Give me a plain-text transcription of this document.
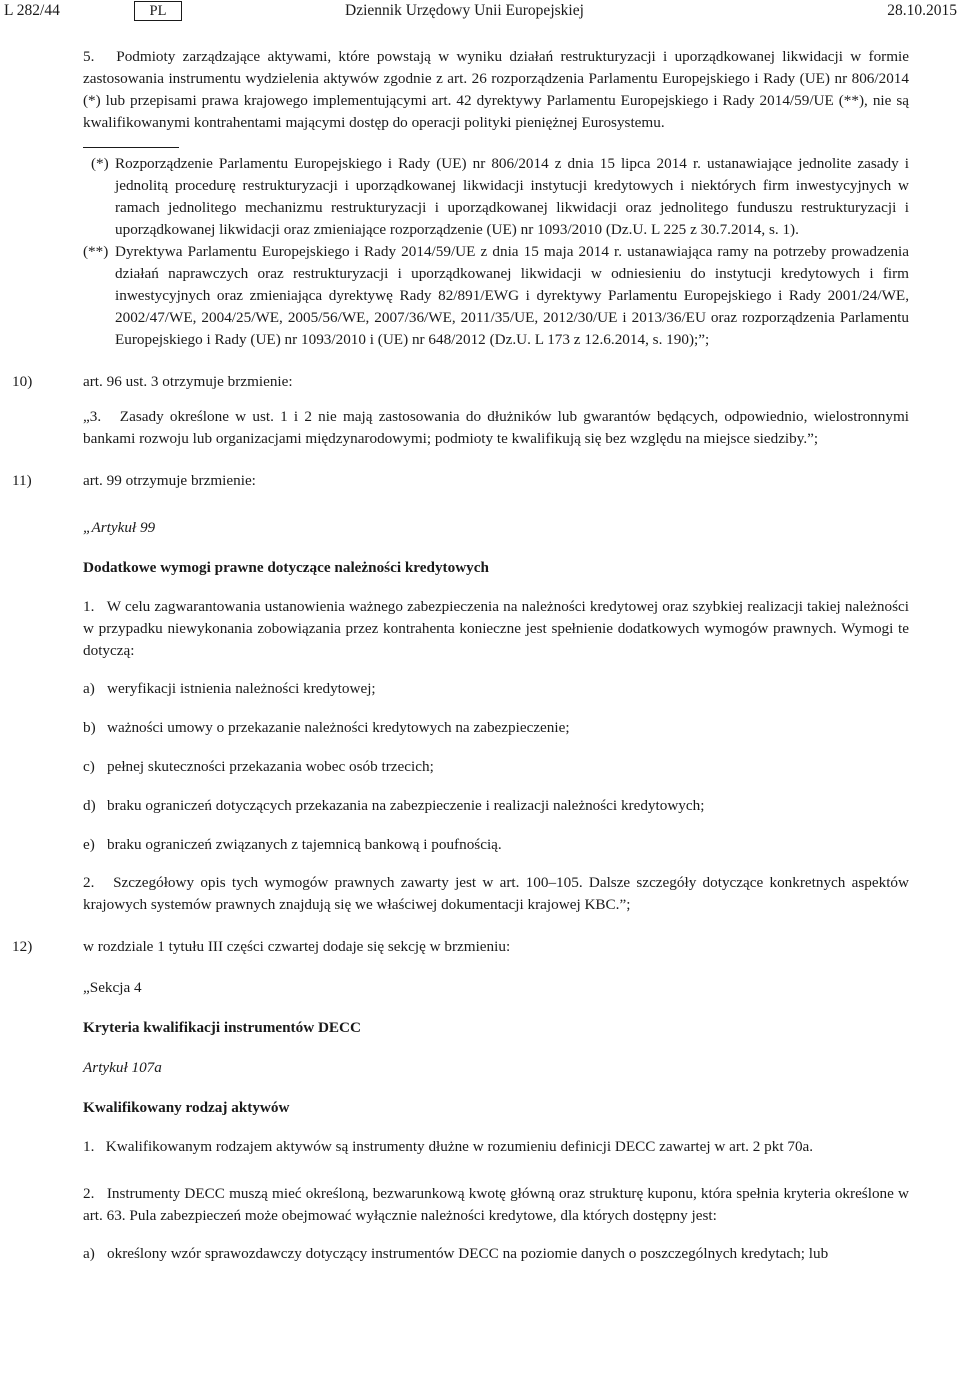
L 282/44	PL	Dziennik Urzędowy Unii Europejskiej	28.10.2015

5.   Podmioty zarządzające aktywami, które powstają w wyniku działań restrukturyzacji i uporządkowanej likwidacji w formie zastosowania instrumentu wydzielenia aktywów zgodnie z art. 26 rozporządzenia Parlamentu Europejskiego i Rady (UE) nr 806/2014 (*) lub przepisami prawa krajowego implementującymi art. 42 dyrektywy Parlamentu Europejskiego i Rady 2014/59/UE (**), nie są kwalifikowanymi kontrahentami mającymi dostęp do operacji polityki pieniężnej Eurosystemu.

(*) Rozporządzenie Parlamentu Europejskiego i Rady (UE) nr 806/2014 z dnia 15 lipca 2014 r. ustanawiające jednolite zasady i jednolitą procedurę restrukturyzacji i uporządkowanej likwidacji instytucji kredytowych i niektórych firm inwestycyjnych w ramach jednolitego mechanizmu restrukturyzacji i uporządkowanej likwidacji oraz jednolitego funduszu restrukturyzacji i uporządkowanej likwidacji oraz zmieniające rozporządzenie (UE) nr 1093/2010 (Dz.U. L 225 z 30.7.2014, s. 1).
(**) Dyrektywa Parlamentu Europejskiego i Rady 2014/59/UE z dnia 15 maja 2014 r. ustanawiająca ramy na potrzeby prowadzenia działań naprawczych oraz restrukturyzacji i uporządkowanej likwidacji w odniesieniu do instytucji kredytowych i firm inwestycyjnych oraz zmieniająca dyrektywę Rady 82/891/EWG i dyrektywy Parlamentu Europejskiego i Rady 2001/24/WE, 2002/47/WE, 2004/25/WE, 2005/56/WE, 2007/36/WE, 2011/35/UE, 2012/30/UE i 2013/36/EU oraz rozporządzenia Parlamentu Europejskiego i Rady (UE) nr 1093/2010 i (UE) nr 648/2012 (Dz.U. L 173 z 12.6.2014, s. 190);”;
10)	art. 96 ust. 3 otrzymuje brzmienie:

„3.   Zasady określone w ust. 1 i 2 nie mają zastosowania do dłużników lub gwarantów będących, odpowiednio, wielostronnymi bankami rozwoju lub organizacjami międzynarodowymi; podmioty te kwalifikują się bez względu na miejsce siedziby.”;

11)	art. 99 otrzymuje brzmienie:

„Artykuł 99

Dodatkowe wymogi prawne dotyczące należności kredytowych

1.   W celu zagwarantowania ustanowienia ważnego zabezpieczenia na należności kredytowej oraz szybkiej realizacji takiej należności w przypadku niewykonania zobowiązania przez kontrahenta konieczne jest spełnienie dodatkowych wymogów prawnych. Wymogi te dotyczą:

a) weryfikacji istnienia należności kredytowej;
b) ważności umowy o przekazanie należności kredytowych na zabezpieczenie;
c) pełnej skuteczności przekazania wobec osób trzecich;
d) braku ograniczeń dotyczących przekazania na zabezpieczenie i realizacji należności kredytowych;
e) braku ograniczeń związanych z tajemnicą bankową i poufnością.

2.   Szczegółowy opis tych wymogów prawnych zawarty jest w art. 100–105. Dalsze szczegóły dotyczące konkretnych aspektów krajowych systemów prawnych znajdują się we właściwej dokumentacji krajowej KBC.”;

12)	w rozdziale 1 tytułu III części czwartej dodaje się sekcję w brzmieniu:

„Sekcja 4

Kryteria kwalifikacji instrumentów DECC

Artykuł 107a

Kwalifikowany rodzaj aktywów

1.   Kwalifikowanym rodzajem aktywów są instrumenty dłużne w rozumieniu definicji DECC zawartej w art. 2 pkt 70a.

2.   Instrumenty DECC muszą mieć określoną, bezwarunkową kwotę główną oraz strukturę kuponu, która spełnia kryteria określone w art. 63. Pula zabezpieczeń może obejmować wyłącznie należności kredytowe, dla których dostępny jest:

a) określony wzór sprawozdawczy dotyczący instrumentów DECC na poziomie danych o poszczególnych kredytach; lub
